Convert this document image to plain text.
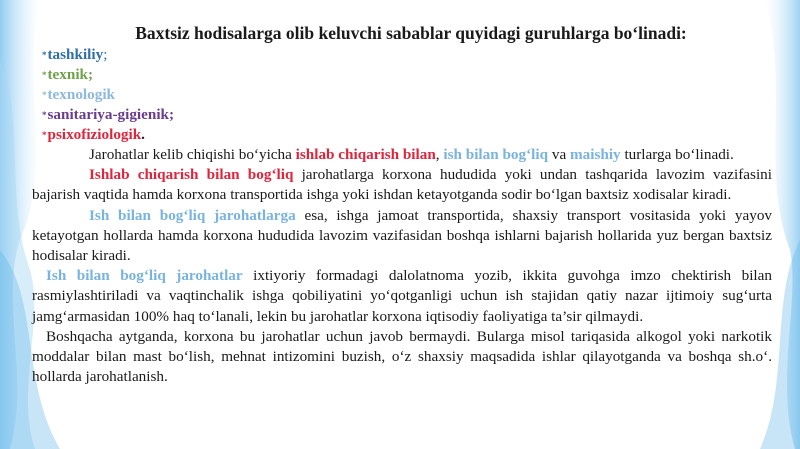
Baxtsiz hodisalarga olib keluvchi sabablar quyidagi guruhlarga bo‘linadi:
*tashkiliy;
*texnik;
*texnologik
*sanitariya-gigienik;
*psixofiziologik.

Jarohatlar kelib chiqishi bo‘yicha ishlab chiqarish bilan, ish bilan bog‘liq va maishiy turlarga bo‘linadi.

Ishlab chiqarish bilan bog‘liq jarohatlarga korxona hududida yoki undan tashqarida lavozim vazifasini bajarish vaqtida hamda korxona transportida ishga yoki ishdan ketayotganda sodir bo‘lgan baxtsiz xodisalar kiradi.

Ish bilan bog‘liq jarohatlarga esa, ishga jamoat transportida, shaxsiy transport vositasida yoki yayov ketayotgan hollarda hamda korxona hududida lavozim vazifasidan boshqa ishlarni bajarish hollarida yuz bergan baxtsiz hodisalar kiradi.

Ish bilan bog‘liq jarohatlar ixtiyoriy formadagi dalolatnoma yozib, ikkita guvohga imzo chektirish bilan rasmiylashtiriladi va vaqtinchalik ishga qobiliyatini yo‘qotganligi uchun ish stajidan qatiy nazar ijtimoiy sug‘urta jamg‘armasidan 100% haq to‘lanali, lekin bu jarohatlar korxona iqtisodiy faoliyatiga ta’sir qilmaydi.

Boshqacha aytganda, korxona bu jarohatlar uchun javob bermaydi. Bularga misol tariqasida alkogol yoki narkotik moddalar bilan mast bo‘lish, mehnat intizomini buzish, o‘z shaxsiy maqsadida ishlar qilayotganda va boshqa sh.o‘. hollarda jarohatlanish.
